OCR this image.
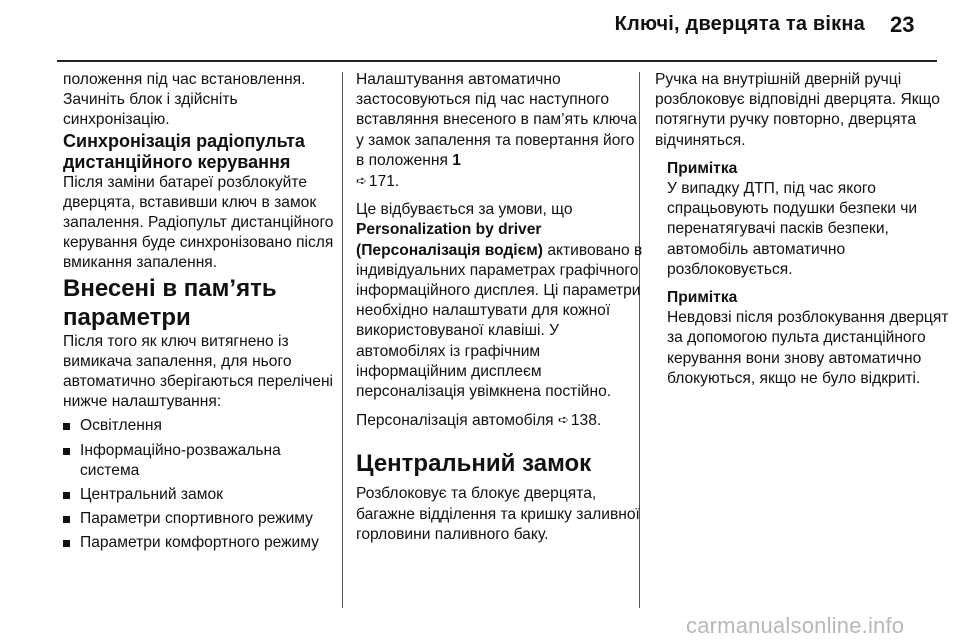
Ключі, дверцята та вікна 23

положення під час встановлення. Зачиніть блок і здійсніть синхронізацію.

Синхронізація радіопульта дистанційного керування

Після заміни батареї розблокуйте дверцята, вставивши ключ в замок запалення. Радіопульт дистанційного керування буде синхронізовано після вмикання запалення.

Внесені в пам’ять параметри

Після того як ключ витягнено із вимикача запалення, для нього автоматично зберігаються перелічені нижче налаштування:

Освітлення
Інформаційно-розважальна система
Центральний замок
Параметри спортивного режиму
Параметри комфортного режиму

Налаштування автоматично застосовуються під час наступного вставляння внесеного в пам’ять ключа у замок запалення та повертання його в положення 1
➪ 171.

Це відбувається за умови, що Personalization by driver (Персоналізація водієм) активовано в індивідуальних параметрах графічного інформаційного дисплея. Ці параметри необхідно налаштувати для кожної використовуваної клавіші. У автомобілях із графічним інформаційним дисплеєм персоналізація увімкнена постійно.

Персоналізація автомобіля ➪ 138.

Центральний замок

Розблоковує та блокує дверцята, багажне відділення та кришку заливної горловини паливного баку.

Ручка на внутрішній дверній ручці розблоковує відповідні дверцята. Якщо потягнути ручку повторно, дверцята відчиняться.

Примітка
У випадку ДТП, під час якого спрацьовують подушки безпеки чи перенатягувачі пасків безпеки, автомобіль автоматично розблоковується.
Примітка
Невдовзі після розблокування дверцят за допомогою пульта дистанційного керування вони знову автоматично блокуються, якщо не було відкриті.
carmanualsonline.info
